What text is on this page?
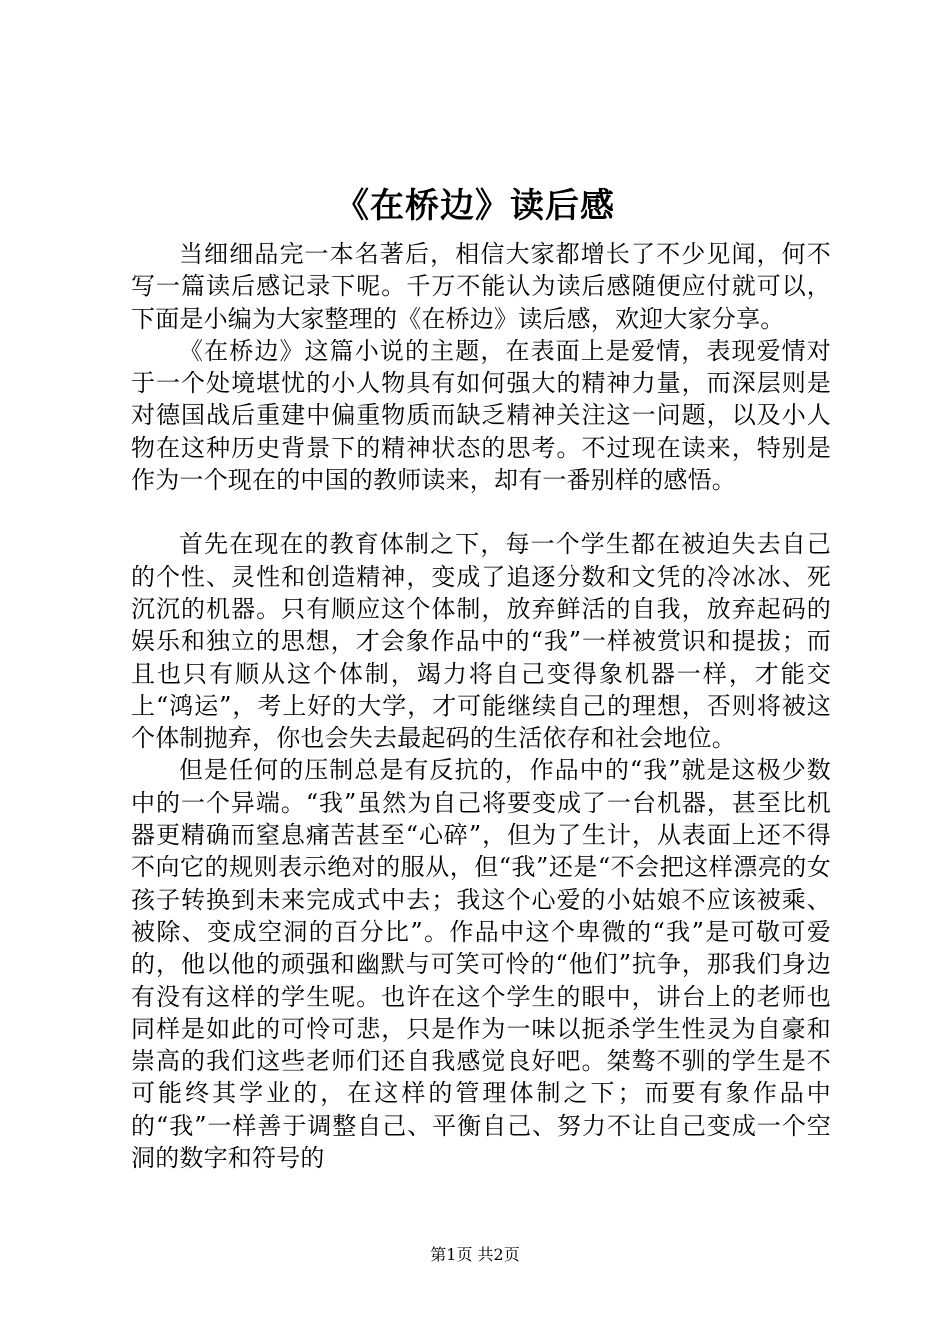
《在桥边》读后感

当细细品完一本名著后，相信大家都增长了不少见闻，何不写一篇读后感记录下呢。千万不能认为读后感随便应付就可以，下面是小编为大家整理的《在桥边》读后感，欢迎大家分享。

《在桥边》这篇小说的主题，在表面上是爱情，表现爱情对于一个处境堪忧的小人物具有如何强大的精神力量，而深层则是对德国战后重建中偏重物质而缺乏精神关注这一问题，以及小人物在这种历史背景下的精神状态的思考。不过现在读来，特别是作为一个现在的中国的教师读来，却有一番别样的感悟。

首先在现在的教育体制之下，每一个学生都在被迫失去自己的个性、灵性和创造精神，变成了追逐分数和文凭的冷冰冰、死沉沉的机器。只有顺应这个体制，放弃鲜活的自我，放弃起码的娱乐和独立的思想，才会象作品中的“我”一样被赏识和提拔；而且也只有顺从这个体制，竭力将自己变得象机器一样，才能交上“鸿运”，考上好的大学，才可能继续自己的理想，否则将被这个体制抛弃，你也会失去最起码的生活依存和社会地位。

但是任何的压制总是有反抗的，作品中的“我”就是这极少数中的一个异端。“我”虽然为自己将要变成了一台机器，甚至比机器更精确而窒息痛苦甚至“心碎”，但为了生计，从表面上还不得不向它的规则表示绝对的服从，但“我”还是“不会把这样漂亮的女孩子转换到未来完成式中去；我这个心爱的小姑娘不应该被乘、被除、变成空洞的百分比”。作品中这个卑微的“我”是可敬可爱的，他以他的顽强和幽默与可笑可怜的“他们”抗争，那我们身边有没有这样的学生呢。也许在这个学生的眼中，讲台上的老师也同样是如此的可怜可悲，只是作为一味以扼杀学生性灵为自豪和崇高的我们这些老师们还自我感觉良好吧。桀骜不驯的学生是不可能终其学业的，在这样的管理体制之下；而要有象作品中的“我”一样善于调整自己、平衡自己、努力不让自己变成一个空洞的数字和符号的

第1页 共2页
